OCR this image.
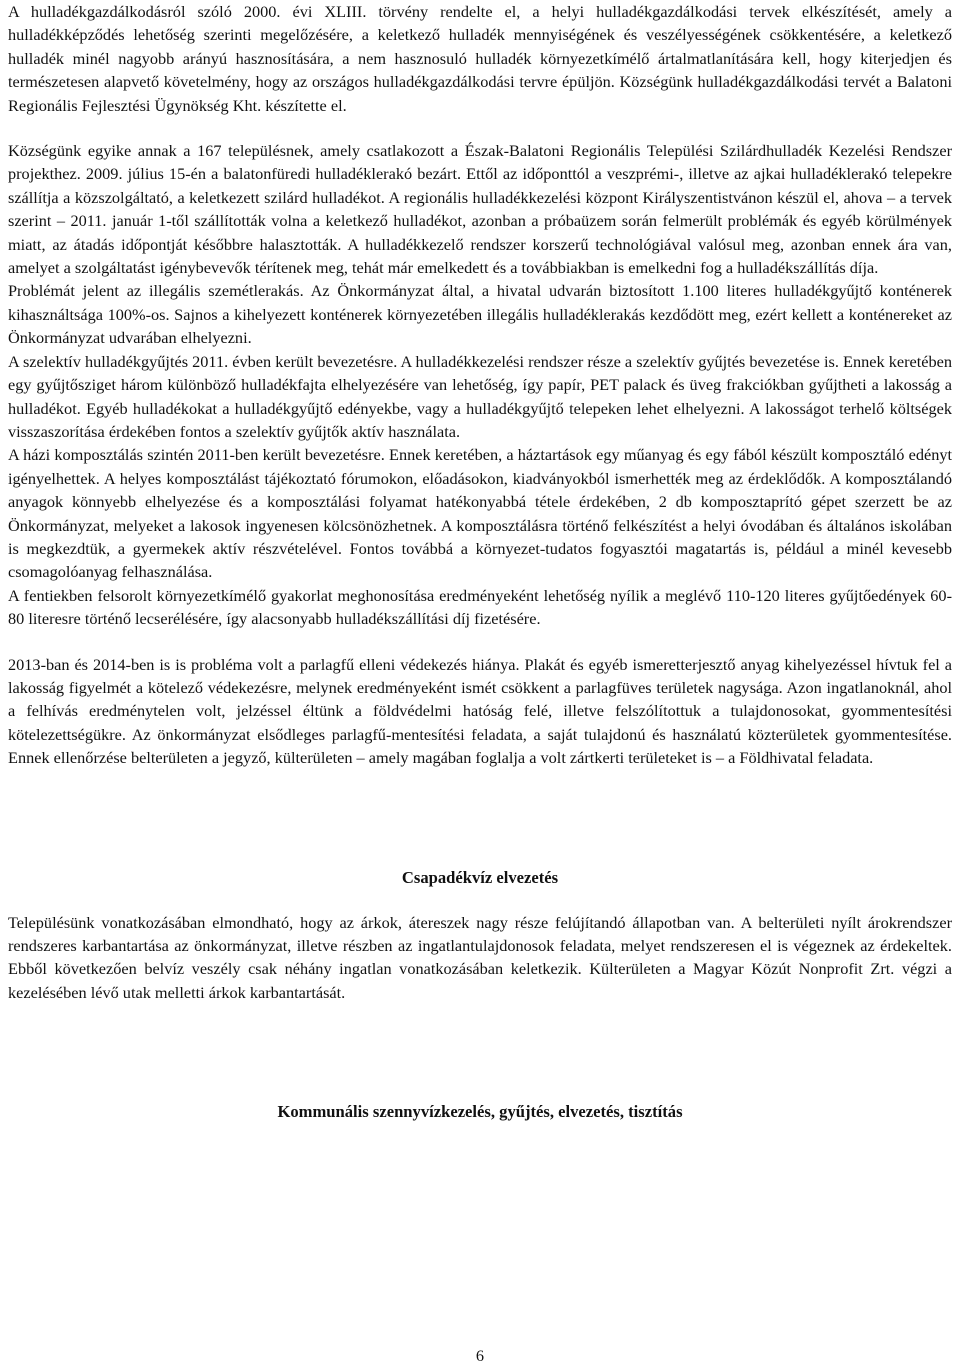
A hulladékgazdálkodásról szóló 2000. évi XLIII. törvény rendelte el, a helyi hulladékgazdálkodási tervek elkészítését, amely a hulladékképződés lehetőség szerinti megelőzésére, a keletkező hulladék mennyiségének és veszélyességének csökkentésére, a keletkező hulladék minél nagyobb arányú hasznosítására, a nem hasznosuló hulladék környezetkímélő ártalmatlanítására kell, hogy kiterjedjen és természetesen alapvető követelmény, hogy az országos hulladékgazdálkodási tervre épüljön. Községünk hulladékgazdálkodási tervét a Balatoni Regionális Fejlesztési Ügynökség Kht. készítette el.

Községünk egyike annak a 167 településnek, amely csatlakozott a Észak-Balatoni Regionális Települési Szilárdhulladék Kezelési Rendszer projekthez. 2009. július 15-én a balatonfüredi hulladéklerakó bezárt. Ettől az időponttól a veszprémi-, illetve az ajkai hulladéklerakó telepekre szállítja a közszolgáltató, a keletkezett szilárd hulladékot. A regionális hulladékkezelési központ Királyszentistvánon készül el, ahova – a tervek szerint – 2011. január 1-től szállították volna a keletkező hulladékot, azonban a próbaüzem során felmerült problémák és egyéb körülmények miatt, az átadás időpontját későbbre halasztották. A hulladékkezelő rendszer korszerű technológiával valósul meg, azonban ennek ára van, amelyet a szolgáltatást igénybevevők térítenek meg, tehát már emelkedett és a továbbiakban is emelkedni fog a hulladékszállítás díja.

Problémát jelent az illegális szemétlerakás. Az Önkormányzat által, a hivatal udvarán biztosított 1.100 literes hulladékgyűjtő konténerek kihasználtsága 100%-os. Sajnos a kihelyezett konténerek környezetében illegális hulladéklerakás kezdődött meg, ezért kellett a konténereket az Önkormányzat udvarában elhelyezni.

A szelektív hulladékgyűjtés 2011. évben került bevezetésre. A hulladékkezelési rendszer része a szelektív gyűjtés bevezetése is. Ennek keretében egy gyűjtősziget három különböző hulladékfajta elhelyezésére van lehetőség, így papír, PET palack és üveg frakciókban gyűjtheti a lakosság a hulladékot. Egyéb hulladékokat a hulladékgyűjtő edényekbe, vagy a hulladékgyűjtő telepeken lehet elhelyezni. A lakosságot terhelő költségek visszaszorítása érdekében fontos a szelektív gyűjtők aktív használata.

A házi komposztálás szintén 2011-ben került bevezetésre. Ennek keretében, a háztartások egy műanyag és egy fából készült komposztáló edényt igényelhettek. A helyes komposztálást tájékoztató fórumokon, előadásokon, kiadványokból ismerhették meg az érdeklődők. A komposztálandó anyagok könnyebb elhelyezése és a komposztálási folyamat hatékonyabbá tétele érdekében, 2 db komposztaprító gépet szerzett be az Önkormányzat, melyeket a lakosok ingyenesen kölcsönözhetnek. A komposztálásra történő felkészítést a helyi óvodában és általános iskolában is megkezdtük, a gyermekek aktív részvételével. Fontos továbbá a környezet-tudatos fogyasztói magatartás is, például a minél kevesebb csomagolóanyag felhasználása.

A fentiekben felsorolt környezetkímélő gyakorlat meghonosítása eredményeként lehetőség nyílik a meglévő 110-120 literes gyűjtőedények 60-80 literesre történő lecserélésére, így alacsonyabb hulladékszállítási díj fizetésére.

2013-ban és 2014-ben is is probléma volt a parlagfű elleni védekezés hiánya. Plakát és egyéb ismeretterjesztő anyag kihelyezéssel hívtuk fel a lakosság figyelmét a kötelező védekezésre, melynek eredményeként ismét csökkent a parlagfüves területek nagysága. Azon ingatlanoknál, ahol a felhívás eredménytelen volt, jelzéssel éltünk a földvédelmi hatóság felé, illetve felszólítottuk a tulajdonosokat, gyommentesítési kötelezettségükre. Az önkormányzat elsődleges parlagfű-mentesítési feladata, a saját tulajdonú és használatú közterületek gyommentesítése. Ennek ellenőrzése belterületen a jegyző, külterületen – amely magában foglalja a volt zártkerti területeket is – a Földhivatal feladata.

Csapadékvíz elvezetés

Településünk vonatkozásában elmondható, hogy az árkok, átereszek nagy része felújítandó állapotban van. A belterületi nyílt árokrendszer rendszeres karbantartása az önkormányzat, illetve részben az ingatlantulajdonosok feladata, melyet rendszeresen el is végeznek az érdekeltek. Ebből következően belvíz veszély csak néhány ingatlan vonatkozásában keletkezik. Külterületen a Magyar Közút Nonprofit Zrt. végzi a kezelésében lévő utak melletti árkok karbantartását.

Kommunális szennyvízkezelés, gyűjtés, elvezetés, tisztítás
6
